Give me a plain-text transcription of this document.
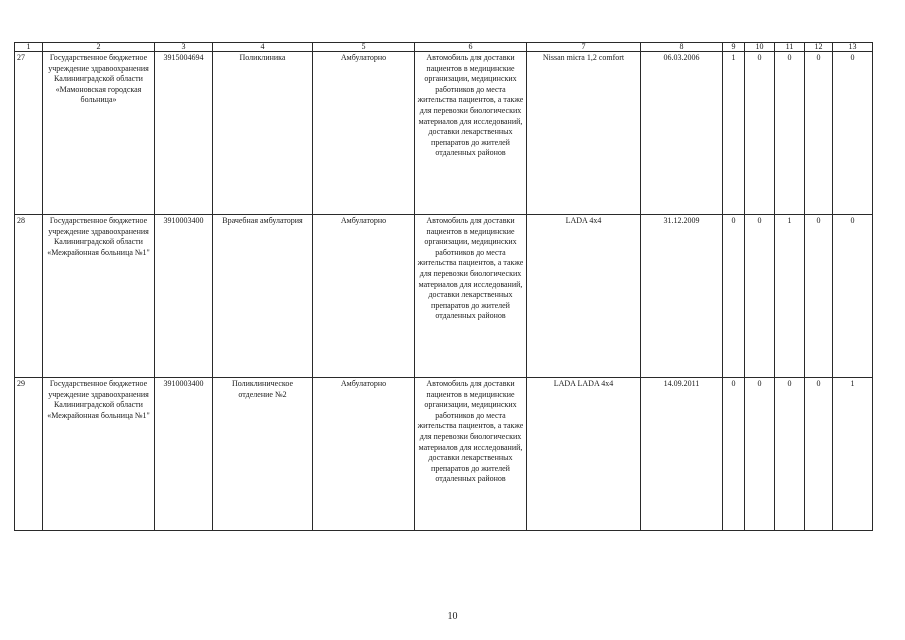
1	2	3	4	5	6	7	8	9	10	11	12	13
27	Государственное бюджетное учреждение здравоохранения Калининградской области «Мамоновская городская больница»	3915004694	Поликлиника	Амбулаторно	Автомобиль для доставки пациентов в медицинские организации, медицинских работников до места жительства пациентов, а также для перевозки биологических материалов для исследований, доставки лекарственных препаратов до жителей отдаленных районов	Nissan micra 1,2 comfort	06.03.2006	1	0	0	0	0
28	Государственное бюджетное учреждение здравоохранения Калининградской области «Межрайонная больница №1"	3910003400	Врачебная амбулатория	Амбулаторно	Автомобиль для доставки пациентов в медицинские организации, медицинских работников до места жительства пациентов, а также для перевозки биологических материалов для исследований, доставки лекарственных препаратов до жителей отдаленных районов	LADA 4x4	31.12.2009	0	0	1	0	0
29	Государственное бюджетное учреждение здравоохранения Калининградской области «Межрайонная больница №1"	3910003400	Поликлиническое отделение №2	Амбулаторно	Автомобиль для доставки пациентов в медицинские организации, медицинских работников до места жительства пациентов, а также для перевозки биологических материалов для исследований, доставки лекарственных препаратов до жителей отдаленных районов	LADA LADA 4x4	14.09.2011	0	0	0	0	1
10
